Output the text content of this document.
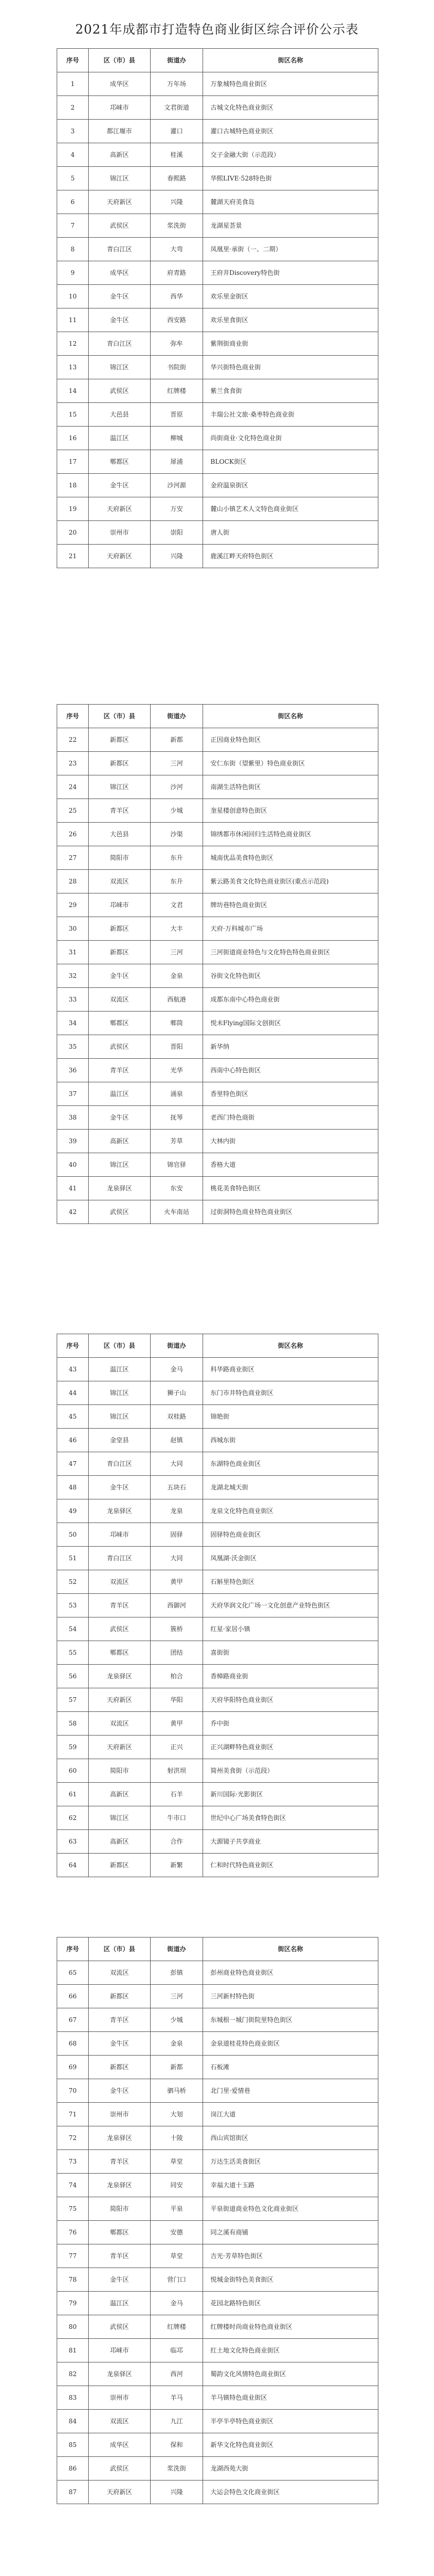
2021年成都市打造特色商业街区综合评价公示表
序号	区（市）县	街道办	街区名称
1	成华区	万年场	万象城特色商业街区
2	邛崃市	文君街道	古城文化特色商业街区
3	都江堰市	灌口	灌口古城特色商业街区
4	高新区	桂溪	交子金融大街（示范段）
5	锦江区	春熙路	华熙LIVE·528特色街
6	天府新区	兴隆	麓湖天府美食岛
7	武侯区	浆洗街	龙湖星荟景
8	青白江区	大弯	凤凰里·承街（一、二期）
9	成华区	府青路	王府井Discovery特色街
10	金牛区	西华	欢乐里金街区
11	金牛区	西安路	欢乐里食街区
12	青白江区	弥牟	紫荆街商业街
13	锦江区	书院街	华兴街特色商业街
14	武侯区	红牌楼	紫兰食食街
15	大邑县	晋原	丰瑞公社文旅·桑枣特色商业街
16	温江区	柳城	尚街商业·文化特色商业街
17	郫都区	犀浦	BLOCK街区
18	金牛区	沙河源	金府温泉街区
19	天府新区	万安	麓山小镇艺术人文特色商业街区
20	崇州市	崇阳	唐人街
21	天府新区	兴隆	鹿溪江畔天府特色街区
序号	区（市）县	街道办	街区名称
22	新都区	新都	正因商业特色街区
23	新都区	三河	安仁东街（望紫里）特色商业街区
24	锦江区	沙河	南湖生活特色街区
25	青羊区	少城	奎星楼创意特色街区
26	大邑县	沙渠	锦绣都市休闲回归生活特色商业街区
27	简阳市	东升	城南优品美食特色街区
28	双流区	东升	紫云路美食文化特色商业街区(重点示范段)
29	邛崃市	文君	牌坊巷特色商业街区
30	新都区	大丰	天府·万科城市广场
31	新都区	三河	三河街道商业特色与文化特色特色商业街区
32	金牛区	金泉	谷街文化特色街区
33	双流区	西航港	成都东南中心特色商业街
34	郫都区	郫筒	悦未Flying国际文创街区
35	武侯区	晋阳	新华纳
36	青羊区	光华	西南中心特色街区
37	温江区	涌泉	香里特色街区
38	金牛区	抚琴	老西门特色商街
39	高新区	芳草	大林内街
40	锦江区	锦官驿	香格大道
41	龙泉驿区	东安	桃花美食特色街区
42	武侯区	火车南站	过街洞特色商业特色商业街区
序号	区（市）县	街道办	街区名称
43	温江区	金马	科华路商业街区
44	锦江区	狮子山	东门市井特色商业街区
45	锦江区	双桂路	锦艳街
46	金堂县	赵镇	西城东街
47	青白江区	大同	东湖特色商业街区
48	金牛区	五块石	龙湖北城天街
49	龙泉驿区	龙泉	龙泉文化特色商业街区
50	邛崃市	固驿	固驿特色商业街区
51	青白江区	大同	凤凰湖·沃金街区
52	双流区	黄甲	石斛里特色街区
53	青羊区	西御河	天府华润文化广场一文化创意产业特色街区
54	武侯区	簇桥	红星·家居小镇
55	郫都区	团结	喜街街
56	龙泉驿区	柏合	香樟路商业街
57	天府新区	华阳	天府华阳特色商业街区
58	双流区	黄甲	乔中街
59	天府新区	正兴	正兴湖畔特色商业街区
60	简阳市	射洪坝	简州美食街（示范段）
61	高新区	石羊	新川国际·光影街区
62	锦江区	牛市口	世纪中心广场美食特色街区
63	高新区	合作	大源镜子共享商业
64	新都区	新繁	仁和时代特色商业街区
序号	区（市）县	街道办	街区名称
65	双流区	彭镇	彭州商业特色商业街区
66	新都区	三河	三河新村特色街
67	青羊区	少城	东城根一城门街院里特色街区
68	金牛区	金泉	金泉道桂花特色商业街区
69	新都区	新都	石板滩
70	金牛区	驷马桥	北门里·爱情巷
71	崇州市	大划	岗江大道
72	龙泉驿区	十陵	西山宾馆街区
73	青羊区	草堂	万达生活美食街区
74	龙泉驿区	同安	幸福大道十玉路
75	简阳市	平泉	平泉街道商业特色文化商业街区
76	郫都区	安德	同之溪有商铺
77	青羊区	草堂	吉光·芳草特色街区
78	金牛区	营门口	悦城金街特色美食街区
79	温江区	金马	花园北路特色街区
80	武侯区	红牌楼	红牌楼时尚商业特色商业街区
81	邛崃市	临邛	红土地文化特色商业街区
82	龙泉驿区	西河	蜀韵文化风情特色商业街区
83	崇州市	羊马	羊马镇特色商业街区
84	双流区	九江	半亭半亭特色商业街区
85	成华区	保和	新华文化特色商业街区
86	武侯区	浆洗街	龙湖西苑大街
87	天府新区	兴隆	大运会特色文化商业街区
